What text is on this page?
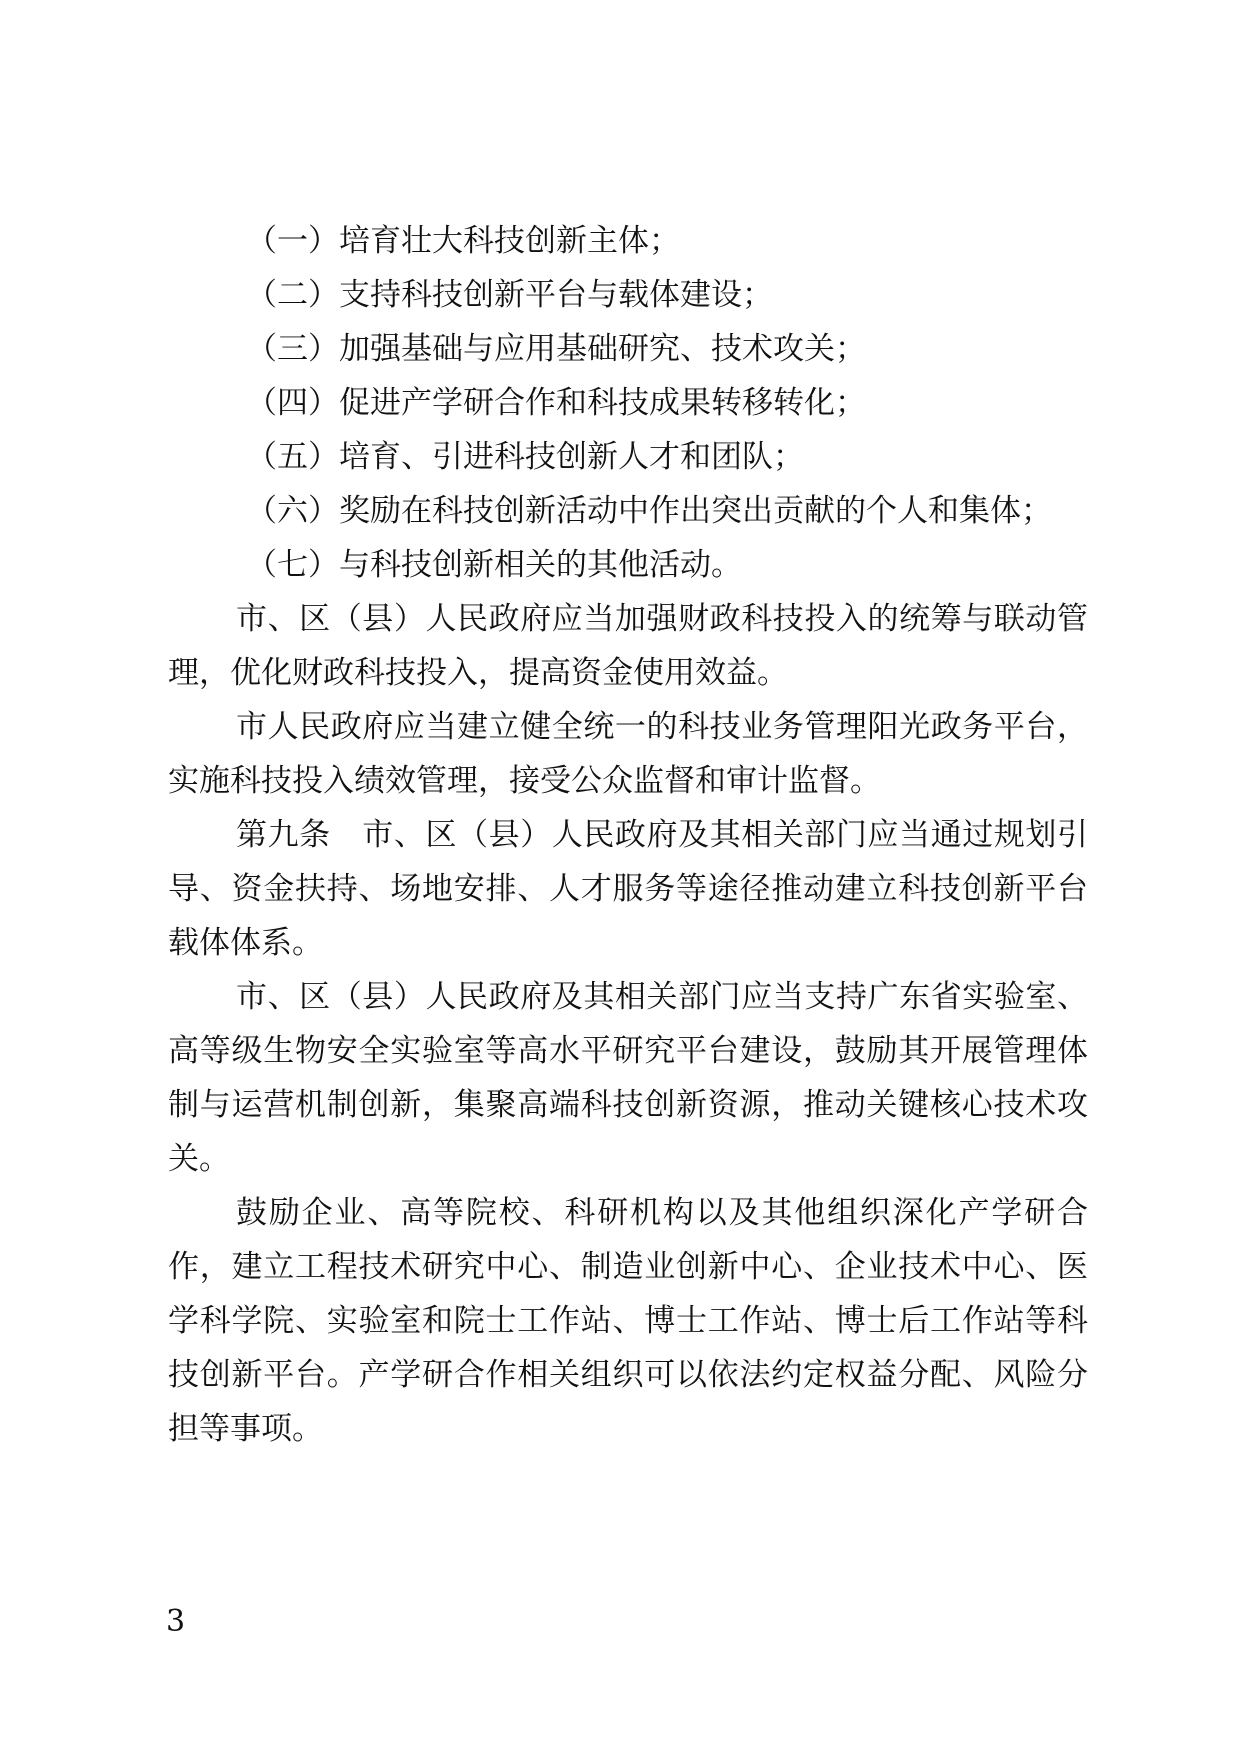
（一）培育壮大科技创新主体；

（二）支持科技创新平台与载体建设；

（三）加强基础与应用基础研究、技术攻关；

（四）促进产学研合作和科技成果转移转化；

（五）培育、引进科技创新人才和团队；

（六）奖励在科技创新活动中作出突出贡献的个人和集体；

（七）与科技创新相关的其他活动。

市、区（县）人民政府应当加强财政科技投入的统筹与联动管理，优化财政科技投入，提高资金使用效益。

市人民政府应当建立健全统一的科技业务管理阳光政务平台，实施科技投入绩效管理，接受公众监督和审计监督。

第九条　市、区（县）人民政府及其相关部门应当通过规划引导、资金扶持、场地安排、人才服务等途径推动建立科技创新平台载体体系。

市、区（县）人民政府及其相关部门应当支持广东省实验室、高等级生物安全实验室等高水平研究平台建设，鼓励其开展管理体制与运营机制创新，集聚高端科技创新资源，推动关键核心技术攻关。

鼓励企业、高等院校、科研机构以及其他组织深化产学研合作，建立工程技术研究中心、制造业创新中心、企业技术中心、医学科学院、实验室和院士工作站、博士工作站、博士后工作站等科技创新平台。产学研合作相关组织可以依法约定权益分配、风险分担等事项。

3
